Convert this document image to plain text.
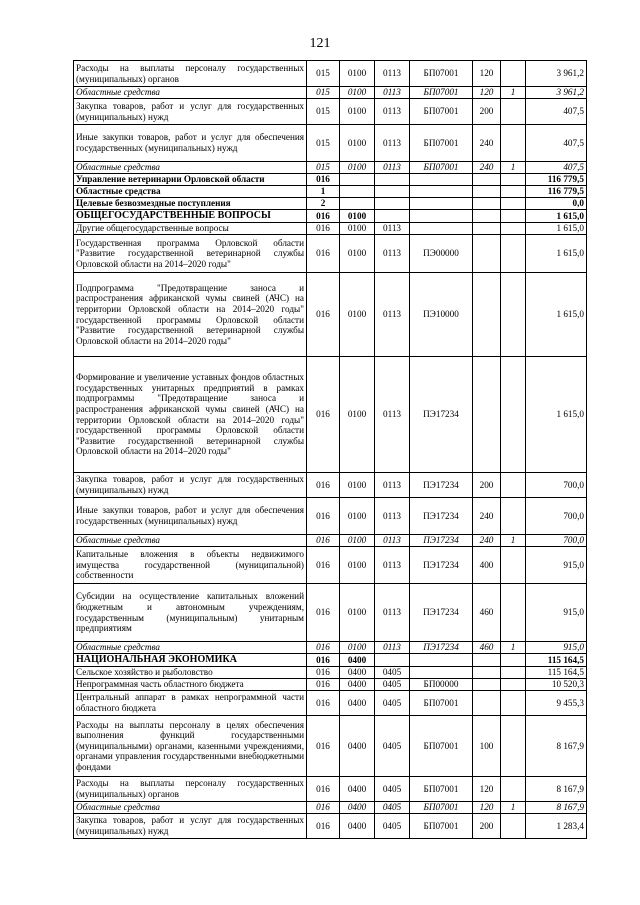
121
Расходы на выплаты персоналу государственных (муниципальных) органов	015	0100	0113	БП07001	120		3 961,2
Областные средства	015	0100	0113	БП07001	120	1	3 961,2
Закупка товаров, работ и услуг для государственных (муниципальных) нужд	015	0100	0113	БП07001	200		407,5
Иные закупки товаров, работ и услуг для обеспечения государственных (муниципальных) нужд	015	0100	0113	БП07001	240		407,5
Областные средства	015	0100	0113	БП07001	240	1	407,5
Управление ветеринарии Орловской области	016						116 779,5
Областные средства	1						116 779,5
Целевые безвозмездные поступления	2						0,0
ОБЩЕГОСУДАРСТВЕННЫЕ ВОПРОСЫ	016	0100					1 615,0
Другие общегосударственные вопросы	016	0100	0113				1 615,0
Государственная программа Орловской области "Развитие государственной ветеринарной службы Орловской области на 2014–2020 годы"	016	0100	0113	ПЭ00000			1 615,0
Подпрограмма "Предотвращение заноса и распространения африканской чумы свиней (АЧС) на территории Орловской области на 2014–2020 годы" государственной программы Орловской области "Развитие государственной ветеринарной службы Орловской области на 2014–2020 годы"	016	0100	0113	ПЭ10000			1 615,0
Формирование и увеличение уставных фондов областных государственных унитарных предприятий в рамках подпрограммы "Предотвращение заноса и распространения африканской чумы свиней (АЧС) на территории Орловской области на 2014–2020 годы" государственной программы Орловской области "Развитие государственной ветеринарной службы Орловской области на 2014–2020 годы"	016	0100	0113	ПЭ17234			1 615,0
Закупка товаров, работ и услуг для государственных (муниципальных) нужд	016	0100	0113	ПЭ17234	200		700,0
Иные закупки товаров, работ и услуг для обеспечения государственных (муниципальных) нужд	016	0100	0113	ПЭ17234	240		700,0
Областные средства	016	0100	0113	ПЭ17234	240	1	700,0
Капитальные вложения в объекты недвижимого имущества государственной (муниципальной) собственности	016	0100	0113	ПЭ17234	400		915,0
Субсидии на осуществление капитальных вложений бюджетным и автономным учреждениям, государственным (муниципальным) унитарным предприятиям	016	0100	0113	ПЭ17234	460		915,0
Областные средства	016	0100	0113	ПЭ17234	460	1	915,0
НАЦИОНАЛЬНАЯ ЭКОНОМИКА	016	0400					115 164,5
Сельское хозяйство и рыболовство	016	0400	0405				115 164,5
Непрограммная часть областного бюджета	016	0400	0405	БП00000			10 520,3
Центральный аппарат в рамках непрограммной части областного бюджета	016	0400	0405	БП07001			9 455,3
Расходы на выплаты персоналу в целях обеспечения выполнения функций государственными (муниципальными) органами, казенными учреждениями, органами управления государственными внебюджетными фондами	016	0400	0405	БП07001	100		8 167,9
Расходы на выплаты персоналу государственных (муниципальных) органов	016	0400	0405	БП07001	120		8 167,9
Областные средства	016	0400	0405	БП07001	120	1	8 167,9
Закупка товаров, работ и услуг для государственных (муниципальных) нужд	016	0400	0405	БП07001	200		1 283,4
